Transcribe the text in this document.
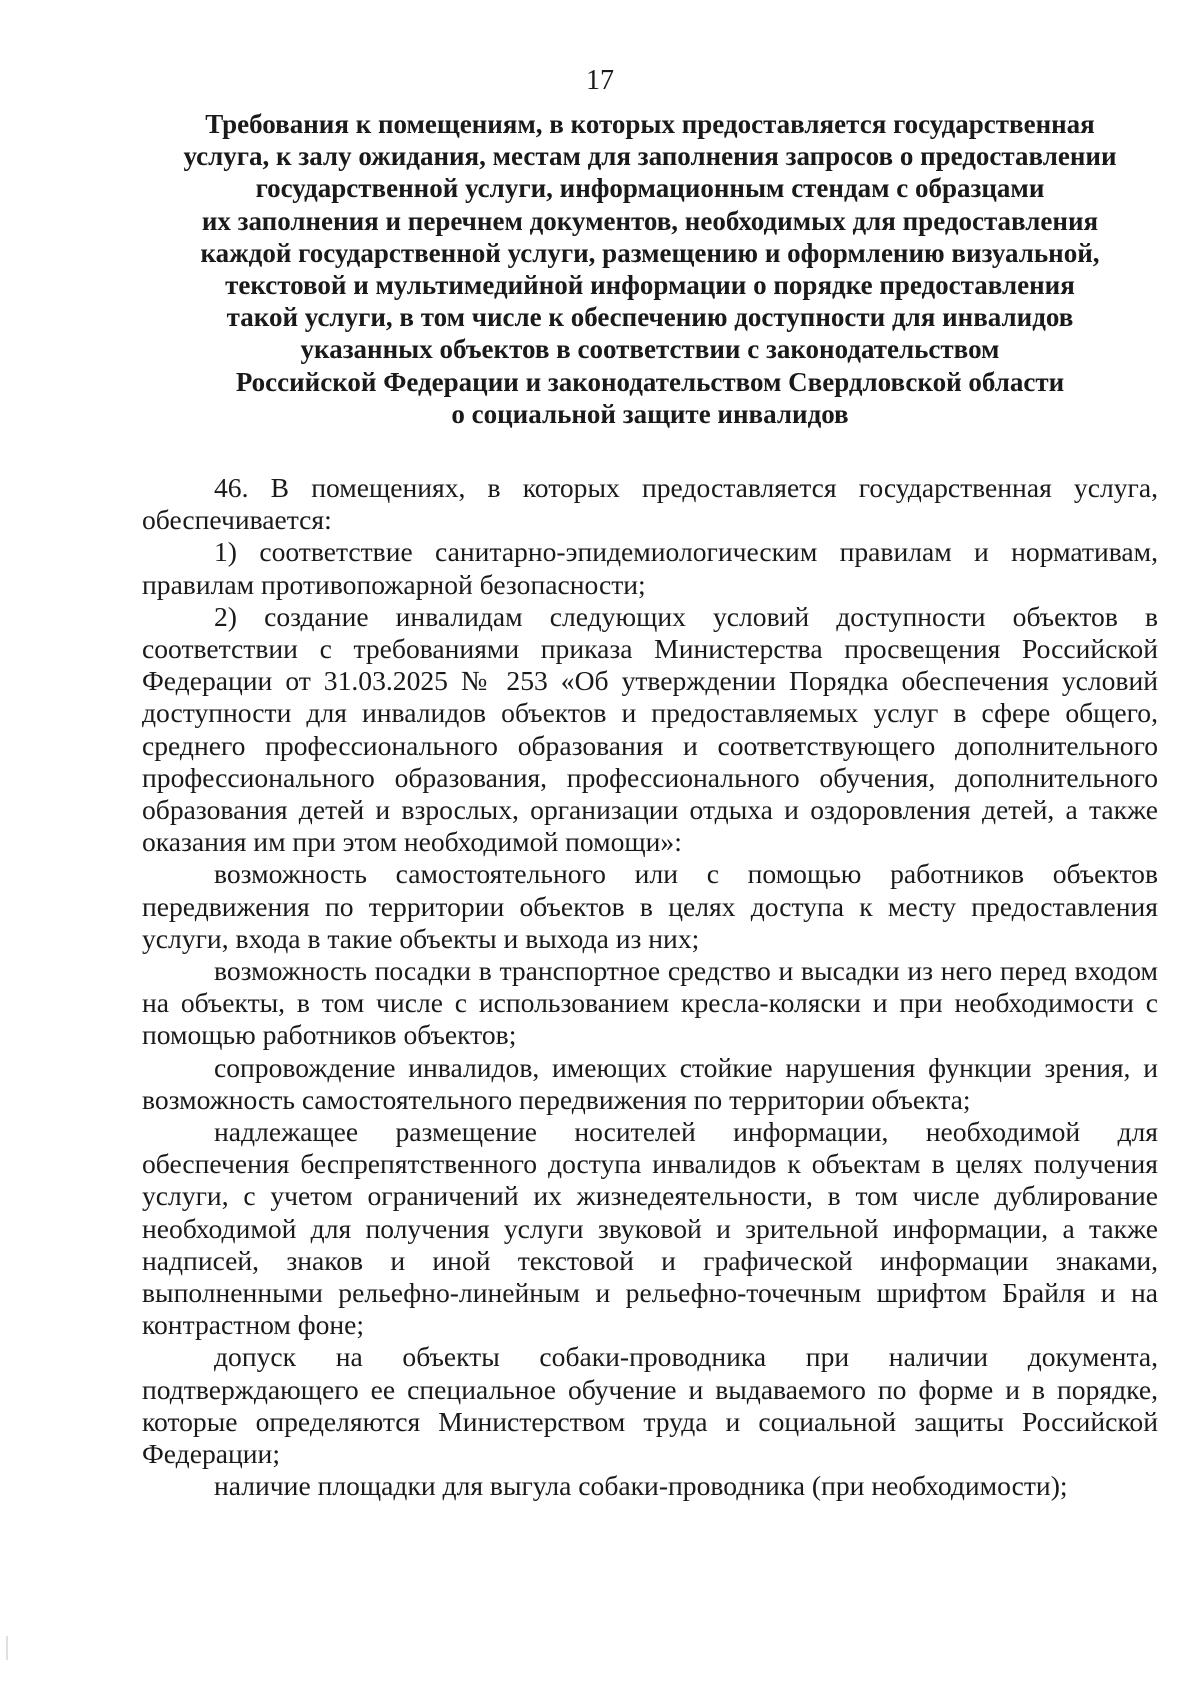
17
Требования к помещениям, в которых предоставляется государственная
услуга, к залу ожидания, местам для заполнения запросов о предоставлении
государственной услуги, информационным стендам с образцами
их заполнения и перечнем документов, необходимых для предоставления
каждой государственной услуги, размещению и оформлению визуальной,
текстовой и мультимедийной информации о порядке предоставления
такой услуги, в том числе к обеспечению доступности для инвалидов
указанных объектов в соответствии с законодательством
Российской Федерации и законодательством Свердловской области
о социальной защите инвалидов

46. В помещениях, в которых предоставляется государственная услуга, обеспечивается:

1) соответствие санитарно-эпидемиологическим правилам и нормативам, правилам противопожарной безопасности;

2) создание инвалидам следующих условий доступности объектов в соответствии с требованиями приказа Министерства просвещения Российской Федерации от 31.03.2025 № 253 «Об утверждении Порядка обеспечения условий доступности для инвалидов объектов и предоставляемых услуг в сфере общего, среднего профессионального образования и соответствующего дополнительного профессионального образования, профессионального обучения, дополнительного образования детей и взрослых, организации отдыха и оздоровления детей, а также оказания им при этом необходимой помощи»:

возможность самостоятельного или с помощью работников объектов передвижения по территории объектов в целях доступа к месту предоставления услуги, входа в такие объекты и выхода из них;

возможность посадки в транспортное средство и высадки из него перед входом на объекты, в том числе с использованием кресла-коляски и при необходимости с помощью работников объектов;

сопровождение инвалидов, имеющих стойкие нарушения функции зрения, и возможность самостоятельного передвижения по территории объекта;

надлежащее размещение носителей информации, необходимой для обеспечения беспрепятственного доступа инвалидов к объектам в целях получения услуги, с учетом ограничений их жизнедеятельности, в том числе дублирование необходимой для получения услуги звуковой и зрительной информации, а также надписей, знаков и иной текстовой и графической информации знаками, выполненными рельефно-линейным и рельефно-точечным шрифтом Брайля и на контрастном фоне;

допуск на объекты собаки-проводника при наличии документа, подтверждающего ее специальное обучение и выдаваемого по форме и в порядке, которые определяются Министерством труда и социальной защиты Российской Федерации;

наличие площадки для выгула собаки-проводника (при необходимости);
